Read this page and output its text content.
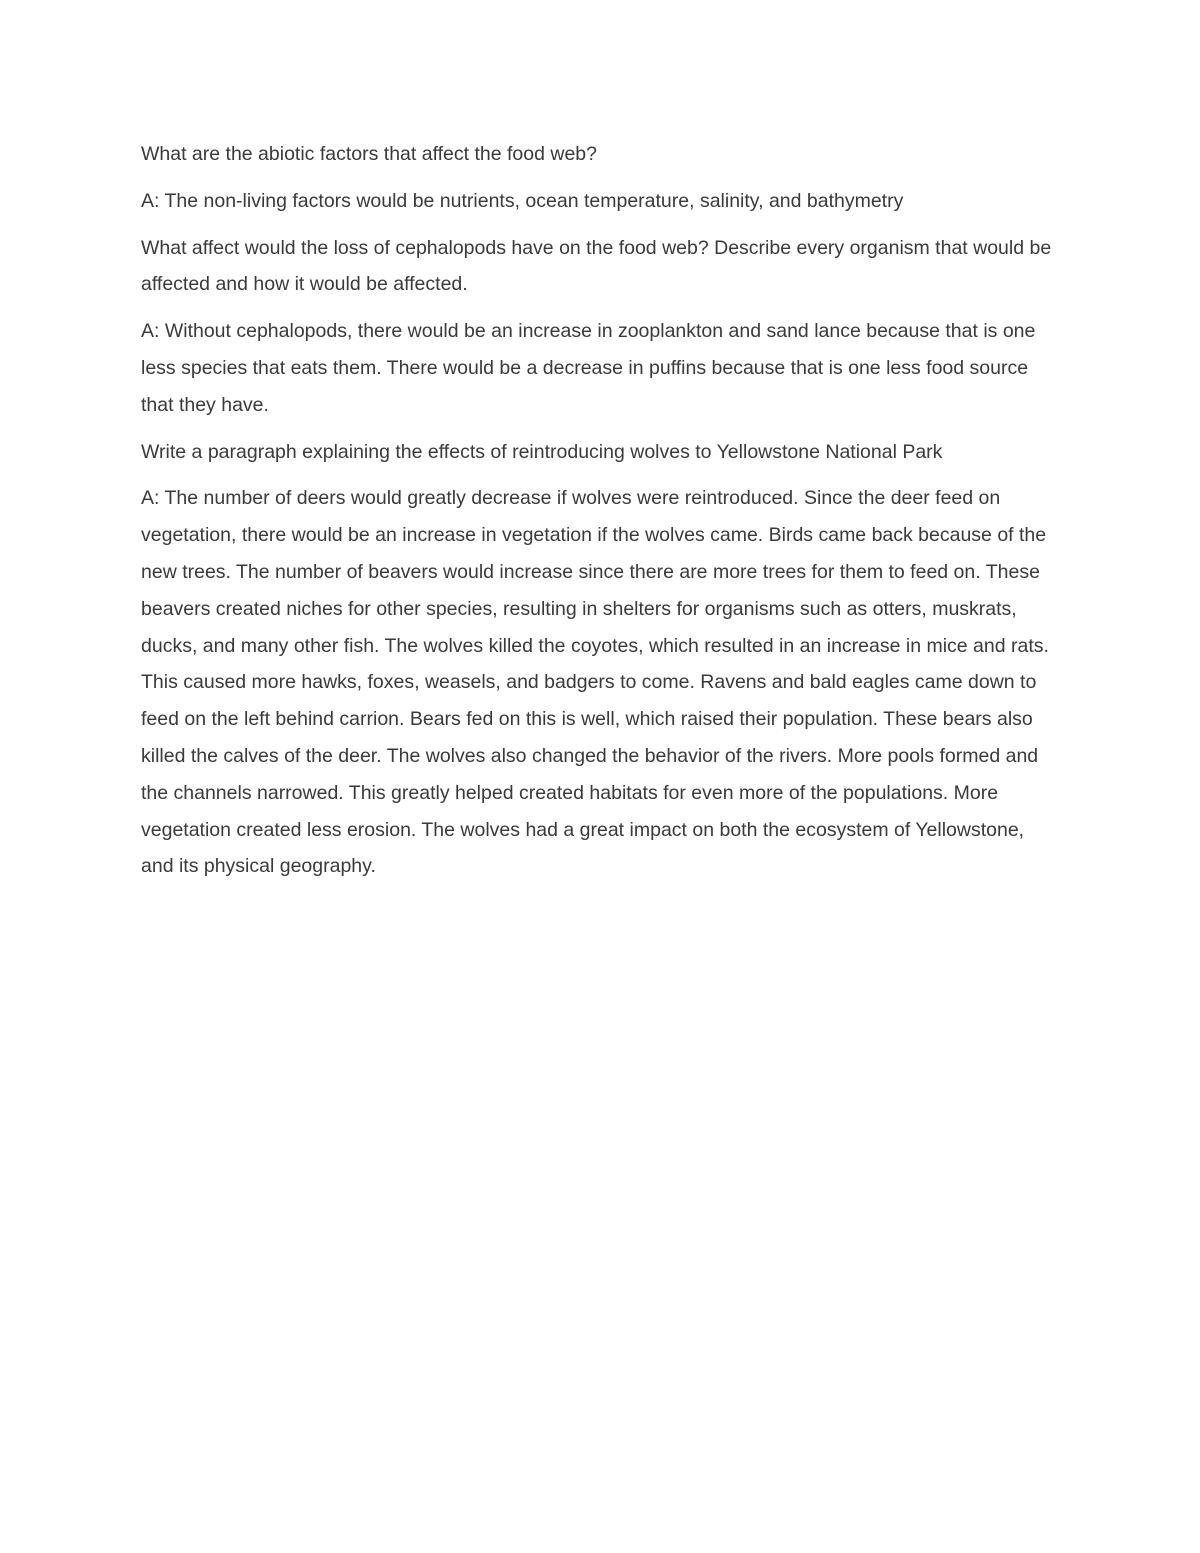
What are the abiotic factors that affect the food web?

A: The non-living factors would be nutrients, ocean temperature, salinity, and bathymetry

What affect would the loss of cephalopods have on the food web? Describe every organism that would be affected and how it would be affected.

A: Without cephalopods, there would be an increase in zooplankton and sand lance because that is one less species that eats them. There would be a decrease in puffins because that is one less food source that they have.

Write a paragraph explaining the effects of reintroducing wolves to Yellowstone National Park

A: The number of deers would greatly decrease if wolves were reintroduced. Since the deer feed on vegetation, there would be an increase in vegetation if the wolves came. Birds came back because of the new trees. The number of beavers would increase since there are more trees for them to feed on. These beavers created niches for other species, resulting in shelters for organisms such as otters, muskrats, ducks, and many other fish. The wolves killed the coyotes, which resulted in an increase in mice and rats. This caused more hawks, foxes, weasels, and badgers to come. Ravens and bald eagles came down to feed on the left behind carrion. Bears fed on this is well, which raised their population. These bears also killed the calves of the deer. The wolves also changed the behavior of the rivers. More pools formed and the channels narrowed. This greatly helped created habitats for even more of the populations. More vegetation created less erosion. The wolves had a great impact on both the ecosystem of Yellowstone, and its physical geography.
